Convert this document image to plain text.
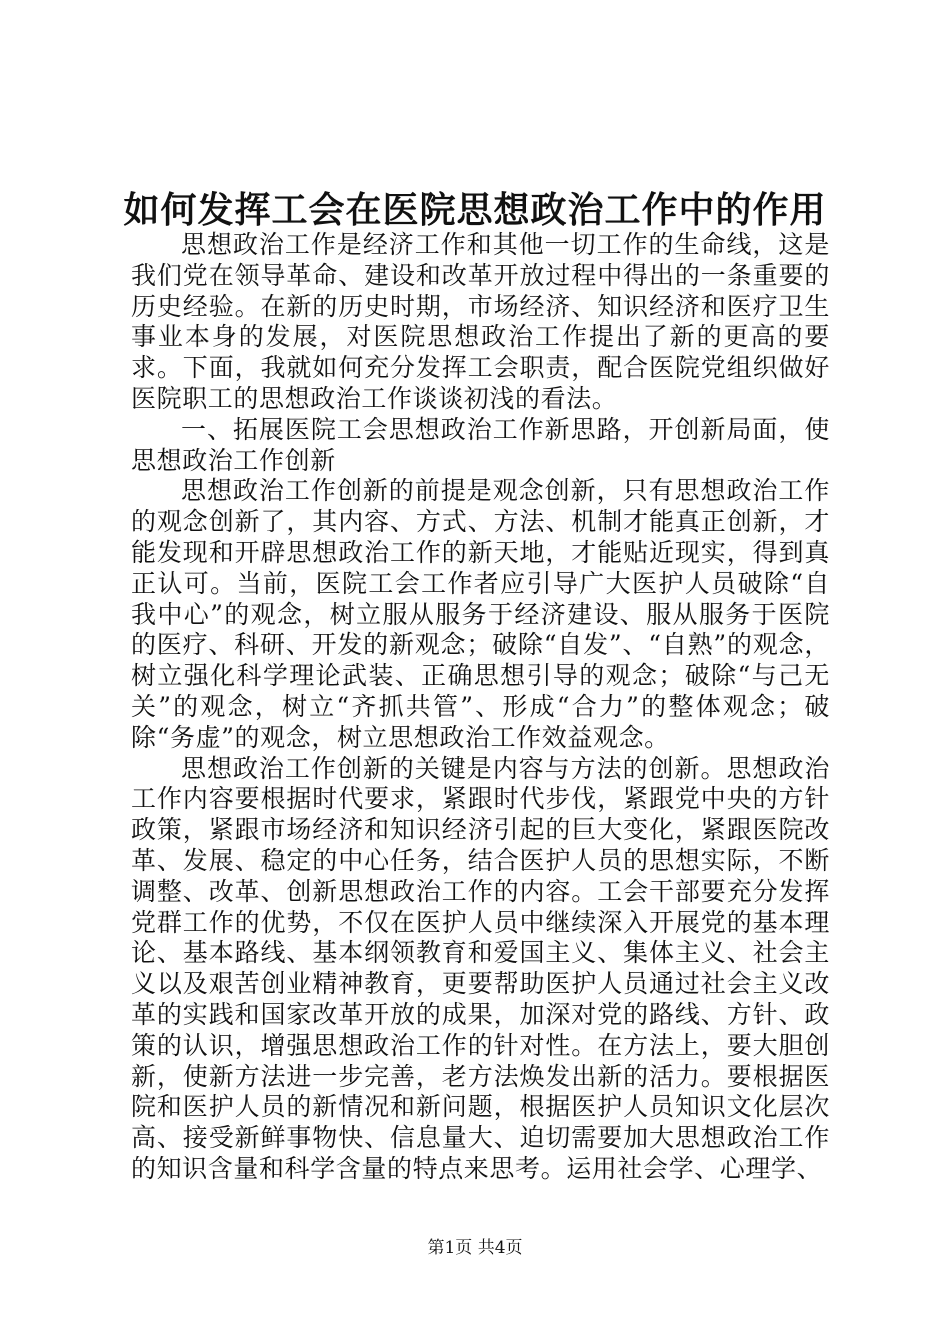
如何发挥工会在医院思想政治工作中的作用

思想政治工作是经济工作和其他一切工作的生命线，这是我们党在领导革命、建设和改革开放过程中得出的一条重要的历史经验。在新的历史时期，市场经济、知识经济和医疗卫生事业本身的发展，对医院思想政治工作提出了新的更高的要求。下面，我就如何充分发挥工会职责，配合医院党组织做好医院职工的思想政治工作谈谈初浅的看法。

一、拓展医院工会思想政治工作新思路，开创新局面，使思想政治工作创新

思想政治工作创新的前提是观念创新，只有思想政治工作的观念创新了，其内容、方式、方法、机制才能真正创新，才能发现和开辟思想政治工作的新天地，才能贴近现实，得到真正认可。当前，医院工会工作者应引导广大医护人员破除“自我中心”的观念，树立服从服务于经济建设、服从服务于医院的医疗、科研、开发的新观念；破除“自发”、“自熟”的观念，树立强化科学理论武装、正确思想引导的观念；破除“与己无关”的观念，树立“齐抓共管”、形成“合力”的整体观念；破除“务虚”的观念，树立思想政治工作效益观念。

思想政治工作创新的关键是内容与方法的创新。思想政治工作内容要根据时代要求，紧跟时代步伐，紧跟党中央的方针政策，紧跟市场经济和知识经济引起的巨大变化，紧跟医院改革、发展、稳定的中心任务，结合医护人员的思想实际，不断调整、改革、创新思想政治工作的内容。工会干部要充分发挥党群工作的优势，不仅在医护人员中继续深入开展党的基本理论、基本路线、基本纲领教育和爱国主义、集体主义、社会主义以及艰苦创业精神教育，更要帮助医护人员通过社会主义改革的实践和国家改革开放的成果，加深对党的路线、方针、政策的认识，增强思想政治工作的针对性。在方法上，要大胆创新，使新方法进一步完善，老方法焕发出新的活力。要根据医院和医护人员的新情况和新问题，根据医护人员知识文化层次高、接受新鲜事物快、信息量大、迫切需要加大思想政治工作的知识含量和科学含量的特点来思考。运用社会学、心理学、

第1页 共4页
